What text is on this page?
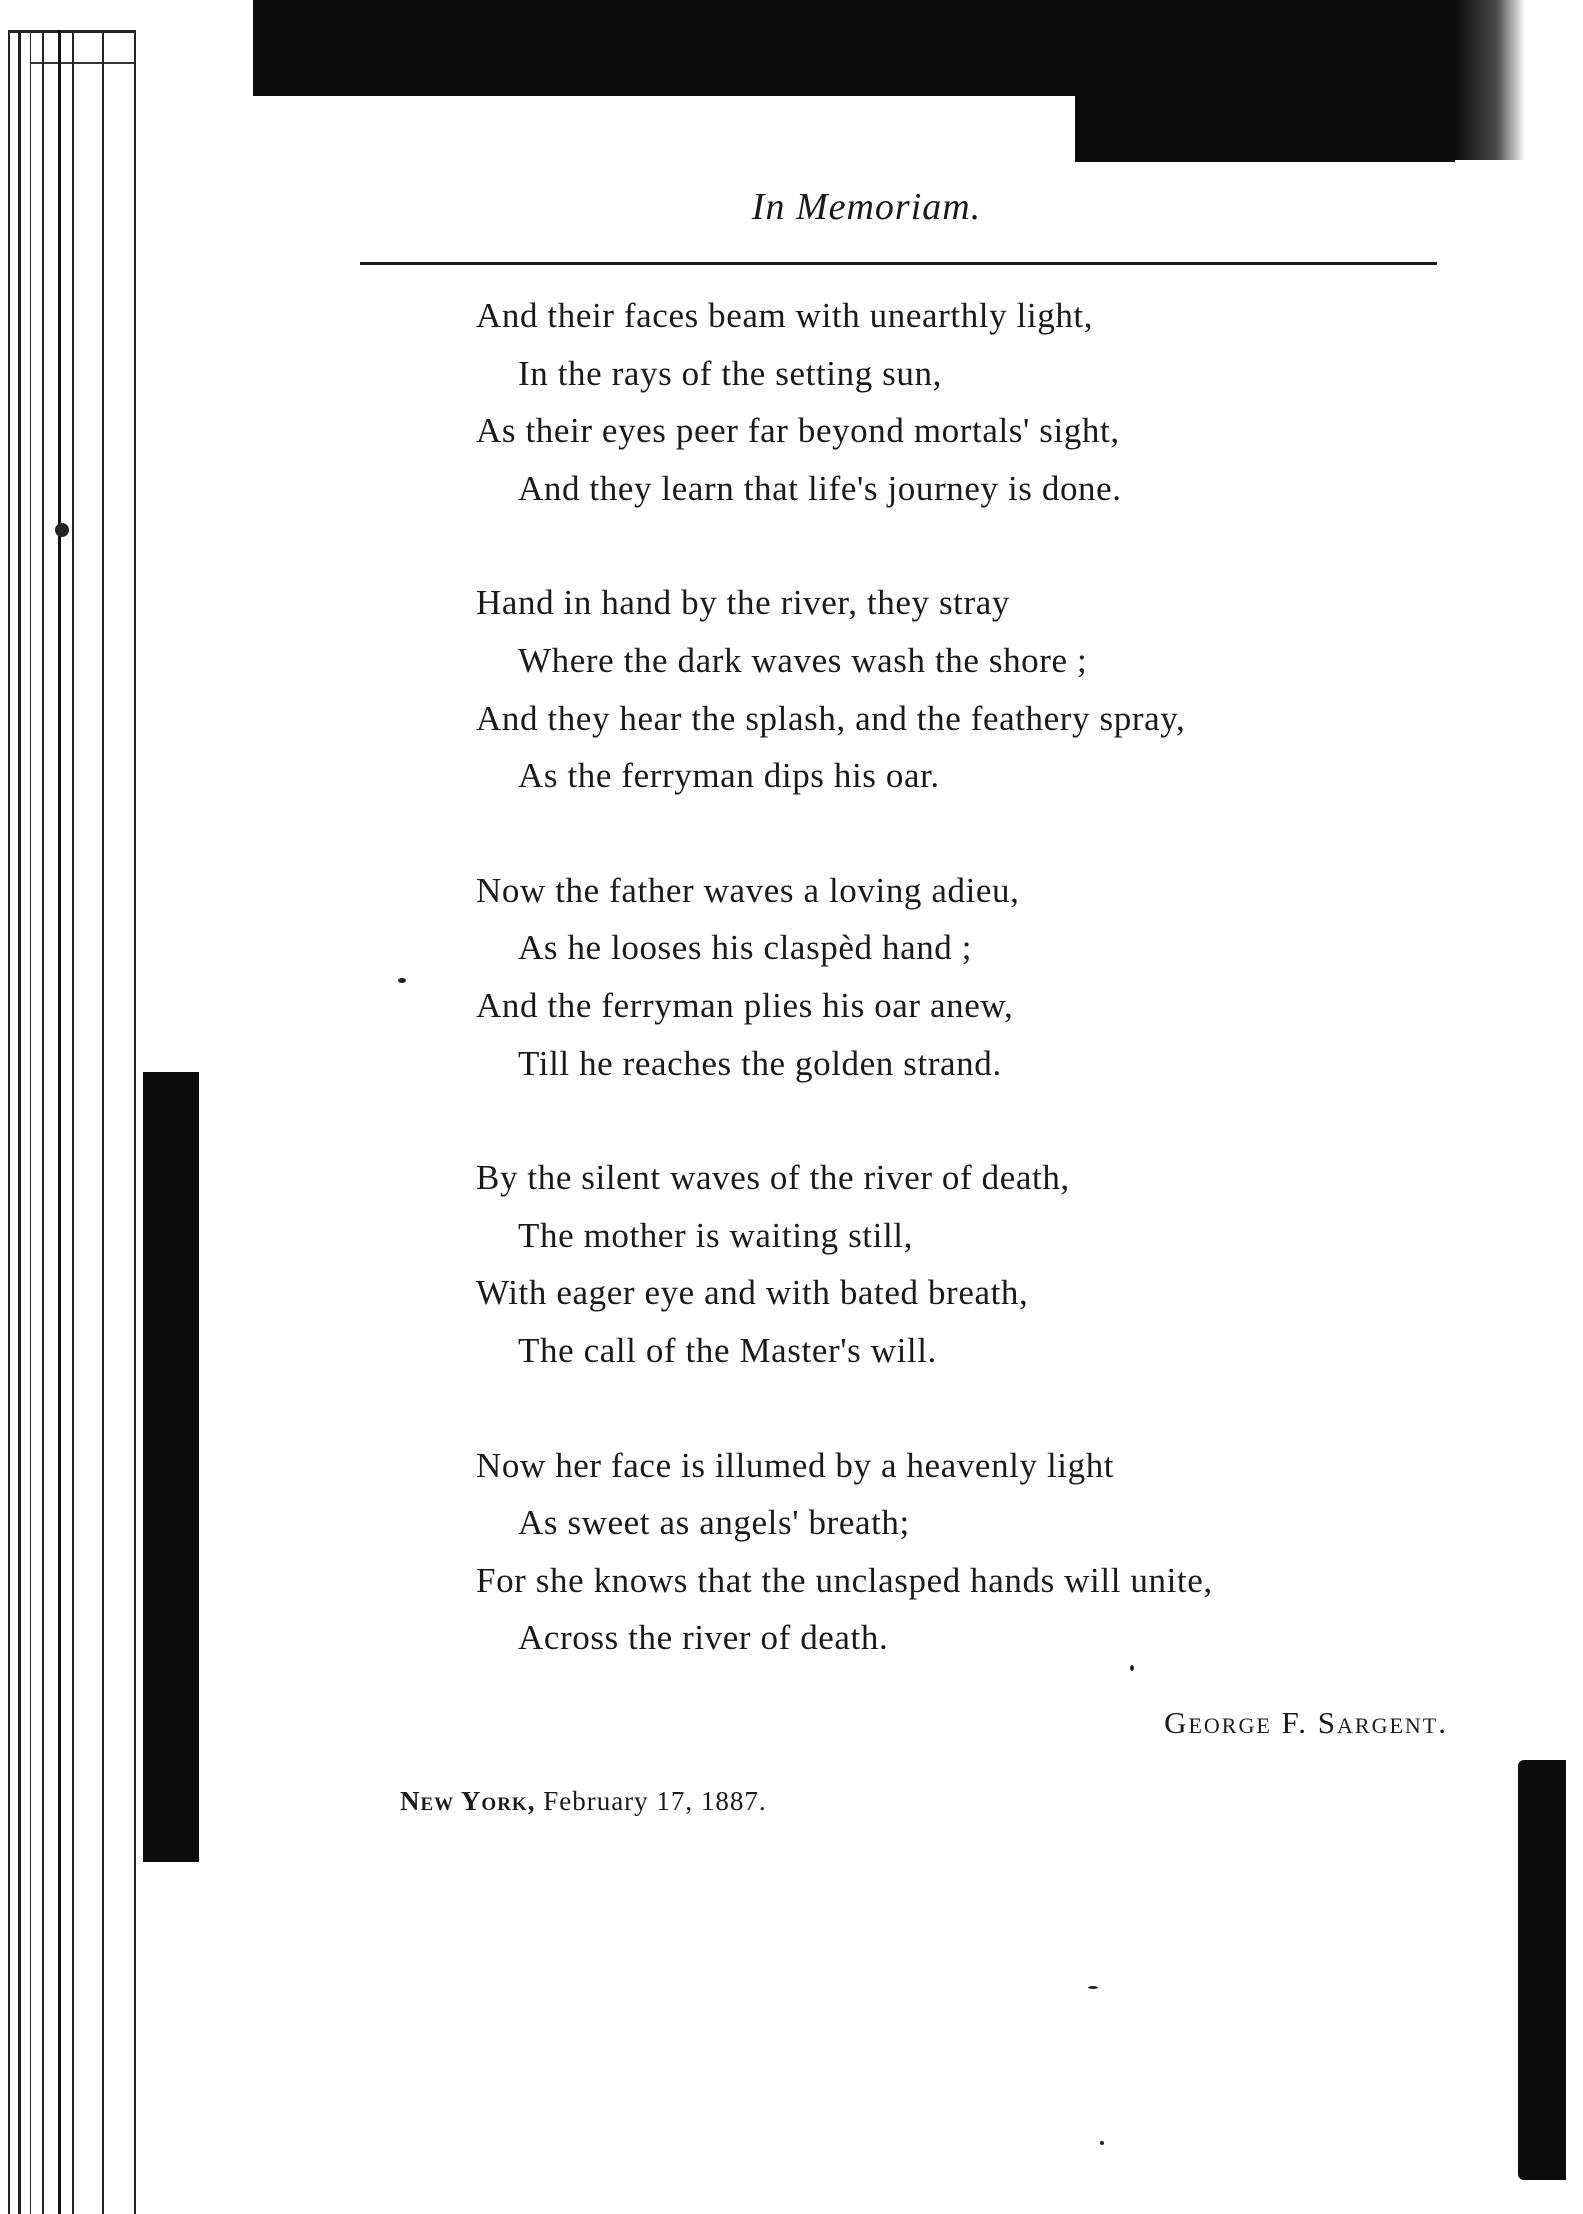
In Memoriam.
And their faces beam with unearthly light,
In the rays of the setting sun,
As their eyes peer far beyond mortals' sight,
And they learn that life's journey is done.
Hand in hand by the river, they stray
Where the dark waves wash the shore ;
And they hear the splash, and the feathery spray,
As the ferryman dips his oar.
Now the father waves a loving adieu,
As he looses his claspèd hand ;
And the ferryman plies his oar anew,
Till he reaches the golden strand.
By the silent waves of the river of death,
The mother is waiting still,
With eager eye and with bated breath,
The call of the Master's will.
Now her face is illumed by a heavenly light
As sweet as angels' breath;
For she knows that the unclasped hands will unite,
Across the river of death.
George F. Sargent.
New York, February 17, 1887.
